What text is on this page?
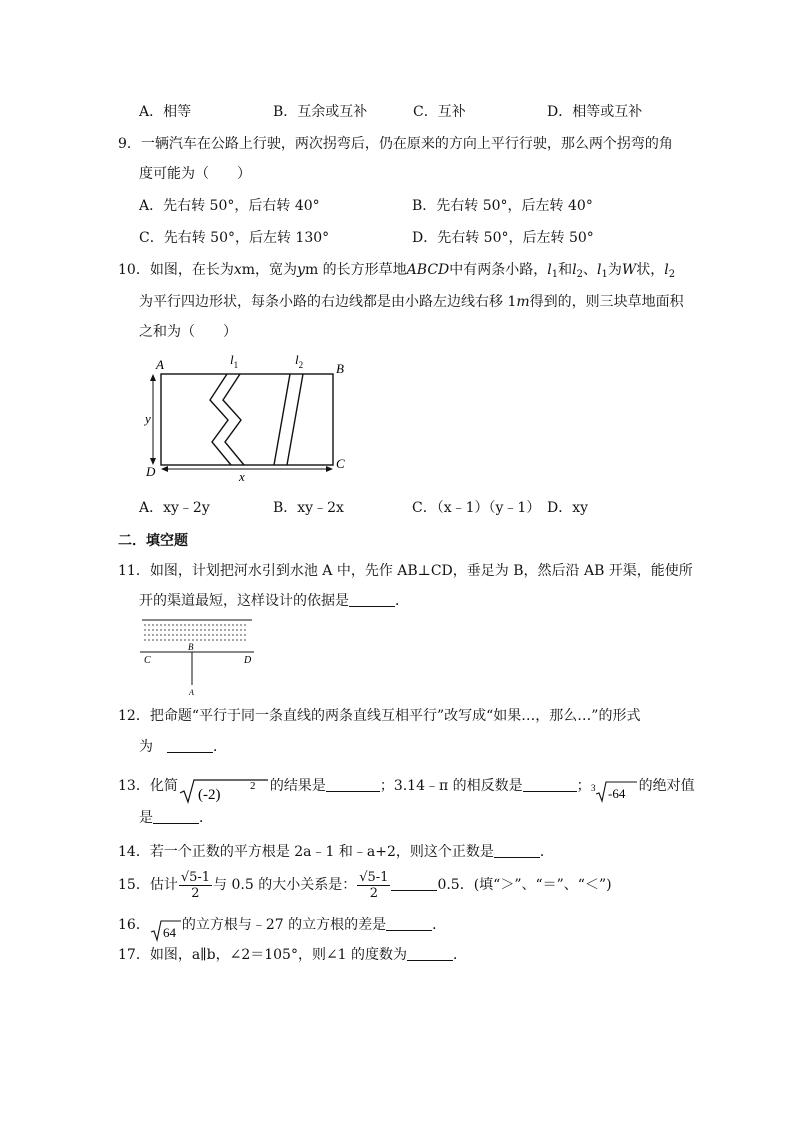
A．相等	B．互余或互补	C．互补	D．相等或互补
9．一辆汽车在公路上行驶，两次拐弯后，仍在原来的方向上平行行驶，那么两个拐弯的角
度可能为（　　）
A．先右转 50°，后右转 40°	B．先右转 50°，后左转 40°
C．先右转 50°，后左转 130°	D．先右转 50°，后左转 50°
10．如图，在长为xm，宽为ym 的长方形草地ABCD中有两条小路，$l_1$和$l_2$、$l_1$为W状，$l_2$
为平行四边形状，每条小路的右边线都是由小路左边线右移 1m得到的，则三块草地面积
之和为（　　）
A	B
C
D
y
x
$l_1$	$l_2$
A．xy﹣2y	B．xy﹣2x	C．（x﹣1）（y﹣1） D．xy
二．填空题
11．如图，计划把河水引到水池 A 中，先作 AB⊥CD，垂足为 B，然后沿 AB 开渠，能使所
开的渠道最短，这样设计的依据是	．
B
C	D
A
12．把命题“平行于同一条直线的两条直线互相平行”改写成“如果…，那么…”的形式
为	．
13．化简
(-2)
2 的结果是	；3.14﹣π 的相反数是	； 3 -64 的绝对值
是	．
14．若一个正数的平方根是 2a﹣1 和﹣a+2，则这个正数是	．
15．估计 $\frac{√5-1}{2}$ 与 0.5 的大小关系是： $\frac{√5-1}{2}$	0.5．(填“＞”、“＝”、“＜”)
16． 64 的立方根与﹣27 的立方根的差是	．
17．如图，a∥b，∠2＝105°，则∠1 的度数为	．
